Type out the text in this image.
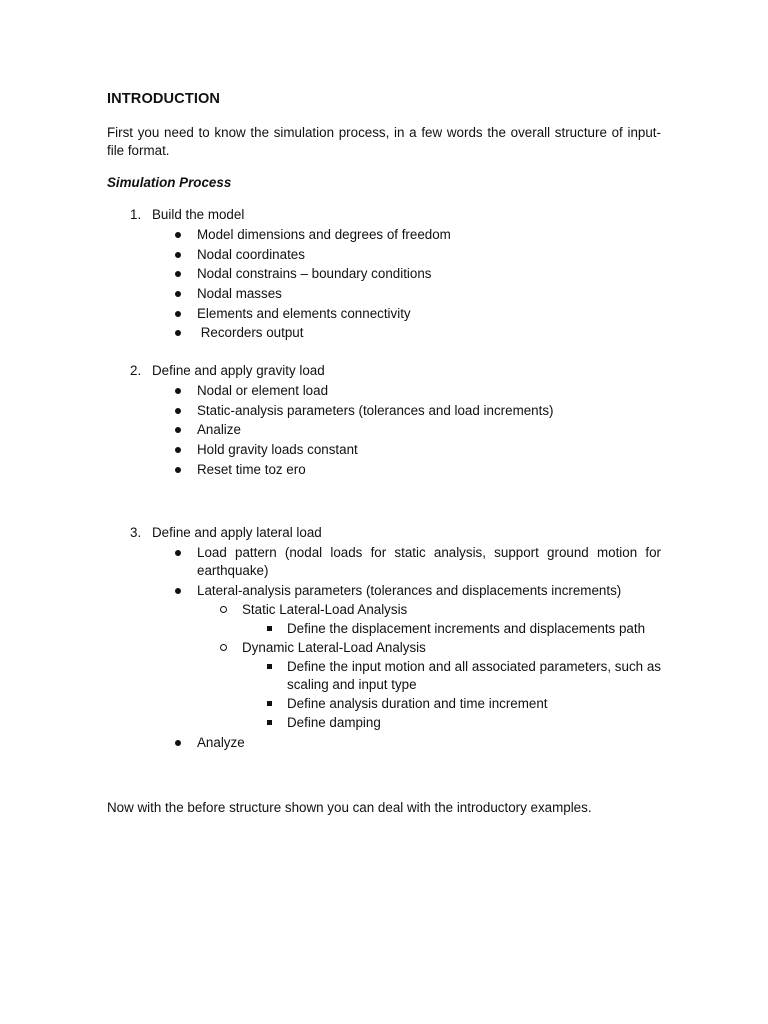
INTRODUCTION
First you need to know the simulation process, in a few words the overall structure of input-file format.
Simulation Process
1. Build the model
Model dimensions and degrees of freedom
Nodal coordinates
Nodal constrains – boundary conditions
Nodal masses
Elements and elements connectivity
Recorders output
2. Define and apply gravity load
Nodal or element load
Static-analysis parameters (tolerances and load increments)
Analize
Hold gravity loads constant
Reset time toz ero
3. Define and apply lateral load
Load pattern (nodal loads for static analysis, support ground motion for earthquake)
Lateral-analysis parameters (tolerances and displacements increments)
Static Lateral-Load Analysis
Define the displacement increments and displacements path
Dynamic Lateral-Load Analysis
Define the input motion and all associated parameters, such as scaling and input type
Define analysis duration and time increment
Define damping
Analyze
Now with the before structure shown you can deal with the introductory examples.
